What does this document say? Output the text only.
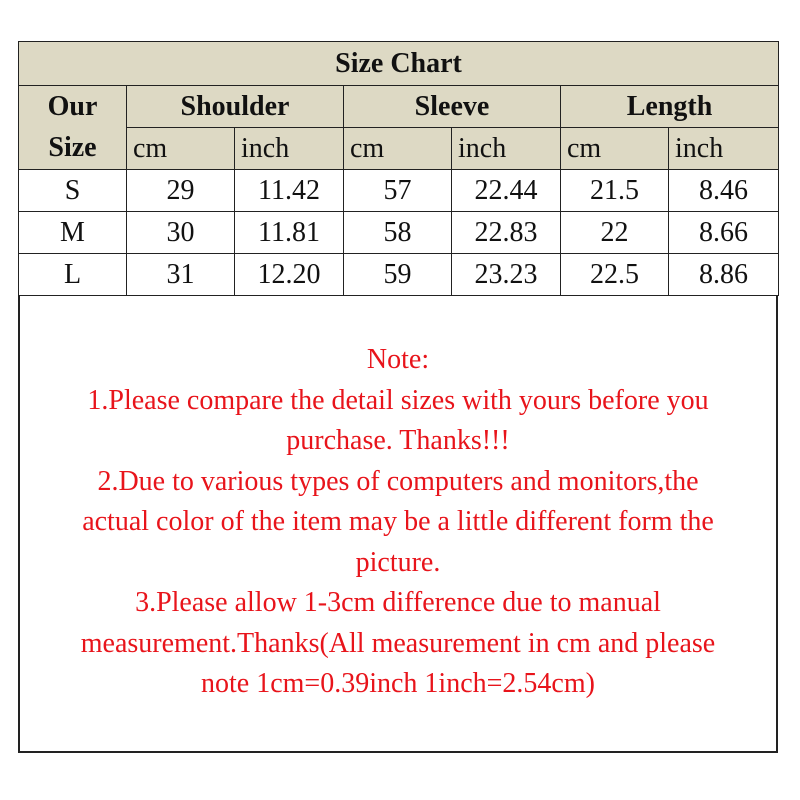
Size Chart						
Our	Shoulder		Sleeve		Length	
Size	cm	inch	cm	inch	cm	inch
S	29	11.42	57	22.44	21.5	8.46
M	30	11.81	58	22.83	22	8.66
L	31	12.20	59	23.23	22.5	8.86
Note:
1.Please compare the detail sizes with yours before you
purchase. Thanks!!!
2.Due to various types of computers and monitors,the
actual color of the item may be a little different form the
picture.
3.Please allow 1-3cm difference due to manual
measurement.Thanks(All measurement in cm and please
note 1cm=0.39inch 1inch=2.54cm)
